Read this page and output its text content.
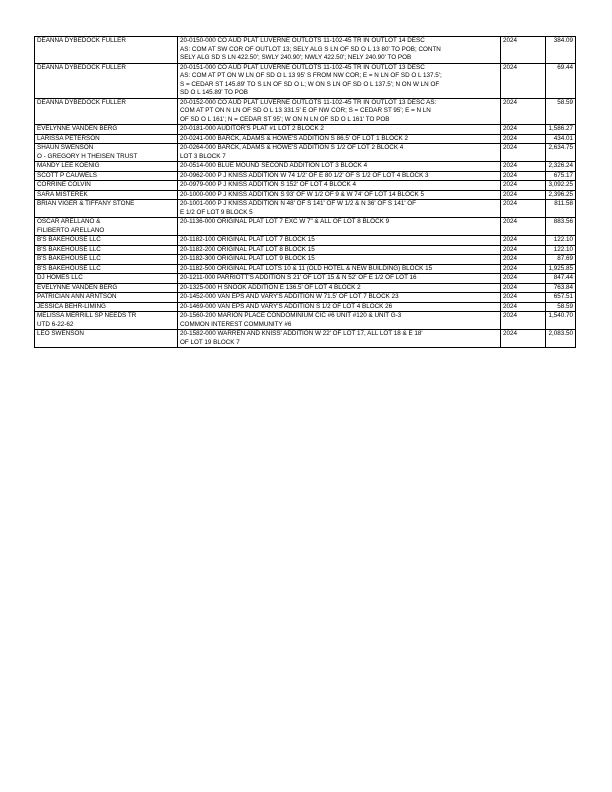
DEANNA DYBEDOCK FULLER	20-0150-000 CO AUD PLAT LUVERNE OUTLOTS 11-102-45 TR IN OUTLOT 14 DESC
AS: COM AT SW COR OF OUTLOT 13; SELY ALG S LN OF SD O L 13 80' TO POB; CONTN
SELY ALG SD S LN 422.50'; SWLY 240.90'; NWLY 422.50'; NELY 240.90' TO POB	2024	384.09

DEANNA DYBEDOCK FULLER	20-0151-000 CO AUD PLAT LUVERNE OUTLOTS 11-102-45 TR IN OUTLOT 13 DESC
AS: COM AT PT ON W LN OF SD O L 13 95' S FROM NW COR; E = N LN OF SD O L 137.5';
S = CEDAR ST 145.89' TO S LN OF SD O L; W ON S LN OF SD O L 137.5'; N ON W LN OF
SD O L 145.89' TO POB	2024	69.44

DEANNA DYBEDOCK FULLER	20-0152-000 CO AUD PLAT LUVERNE OUTLOTS 11-102-45 TR IN OUTLOT 13 DESC AS:
COM AT PT ON N LN OF SD O L 13 331.5' E OF NW COR; S = CEDAR ST 95'; E = N LN
OF SD O L 161'; N = CEDAR ST 95'; W ON N LN OF SD O L 161' TO POB	2024	58.59

EVELYNNE VANDEN BERG	20-0181-000 AUDITOR'S PLAT #1 LOT 2 BLOCK 2	2024	1,586.27

LARISSA PETERSON	20-0241-000 BARCK, ADAMS & HOWE'S ADDITION S 86.5' OF LOT 1 BLOCK 2	2024	434.01

SHAUN SWENSON
O - GREGORY H THEISEN TRUST	20-0264-000 BARCK, ADAMS & HOWE'S ADDITION S 1/2 OF LOT 2 BLOCK 4
LOT 3 BLOCK 7	2024	2,634.75

MANDY LEE KOENIG	20-0514-000 BLUE MOUND SECOND ADDITION LOT 3 BLOCK 4	2024	2,326.24

SCOTT P CAUWELS	20-0962-000 P J KNISS ADDITION W 74 1/2' OF E 80 1/2' OF S 1/2 OF LOT 4 BLOCK 3	2024	675.17

CORRINE COLVIN	20-0979-000 P J KNISS ADDITION S 152' OF LOT 4 BLOCK 4	2024	3,092.25

SARA MISTEREK	20-1000-000 P J KNISS ADDITION S 93' OF W 1/2 OF 9 & W 74' OF LOT 14 BLOCK 5	2024	2,396.25

BRIAN VIGER & TIFFANY STONE	20-1001-000 P J KNISS ADDITION N 48' OF S 141' OF W 1/2 & N 36' OF S 141' OF
E 1/2 OF LOT 9 BLOCK 5	2024	811.58

OSCAR ARELLANO &
FILIBERTO ARELLANO	20-1136-000 ORIGINAL PLAT LOT 7 EXC W 7" & ALL OF LOT 8 BLOCK 9	2024	883.56

B'S BAKEHOUSE LLC	20-1182-100 ORIGINAL PLAT LOT 7 BLOCK 15	2024	122.10

B'S BAKEHOUSE LLC	20-1182-200 ORIGINAL PLAT LOT 8 BLOCK 15	2024	122.10

B'S BAKEHOUSE LLC	20-1182-300 ORIGINAL PLAT LOT 9 BLOCK 15	2024	87.69

B'S BAKEHOUSE LLC	20-1182-500 ORIGINAL PLAT LOTS 10 & 11 (OLD HOTEL & NEW BUILDING) BLOCK 15	2024	1,925.85

DJ HOMES LLC	20-1211-000 PARRIOTT'S ADDITION S 21' OF LOT 15 & N 52' OF E 1/2 OF LOT 16	2024	847.44

EVELYNNE VANDEN BERG	20-1325-000 H SNOOK ADDITION E 136.5' OF LOT 4 BLOCK 2	2024	763.84

PATRICIAN ANN ARNTSON	20-1452-000 VAN EPS AND VARY'S ADDITION W 71.5' OF LOT 7 BLOCK 23	2024	657.51

JESSICA BEHR-LIMING	20-1469-000 VAN EPS AND VARY'S ADDITION S 1/2 OF LOT 4 BLOCK 26	2024	58.59

MELISSA MERRILL SP NEEDS TR
UTD 6-22-62	20-1560-200 MARION PLACE CONDOMINIUM CIC #6 UNIT #120 & UNIT G-3
COMMON INTEREST COMMUNITY #6	2024	1,540.70

LEO SWENSON	20-1582-000 WARREN AND KNISS' ADDITION W 22' OF LOT 17, ALL LOT 18 & E 18'
OF LOT 19 BLOCK 7	2024	2,083.50
